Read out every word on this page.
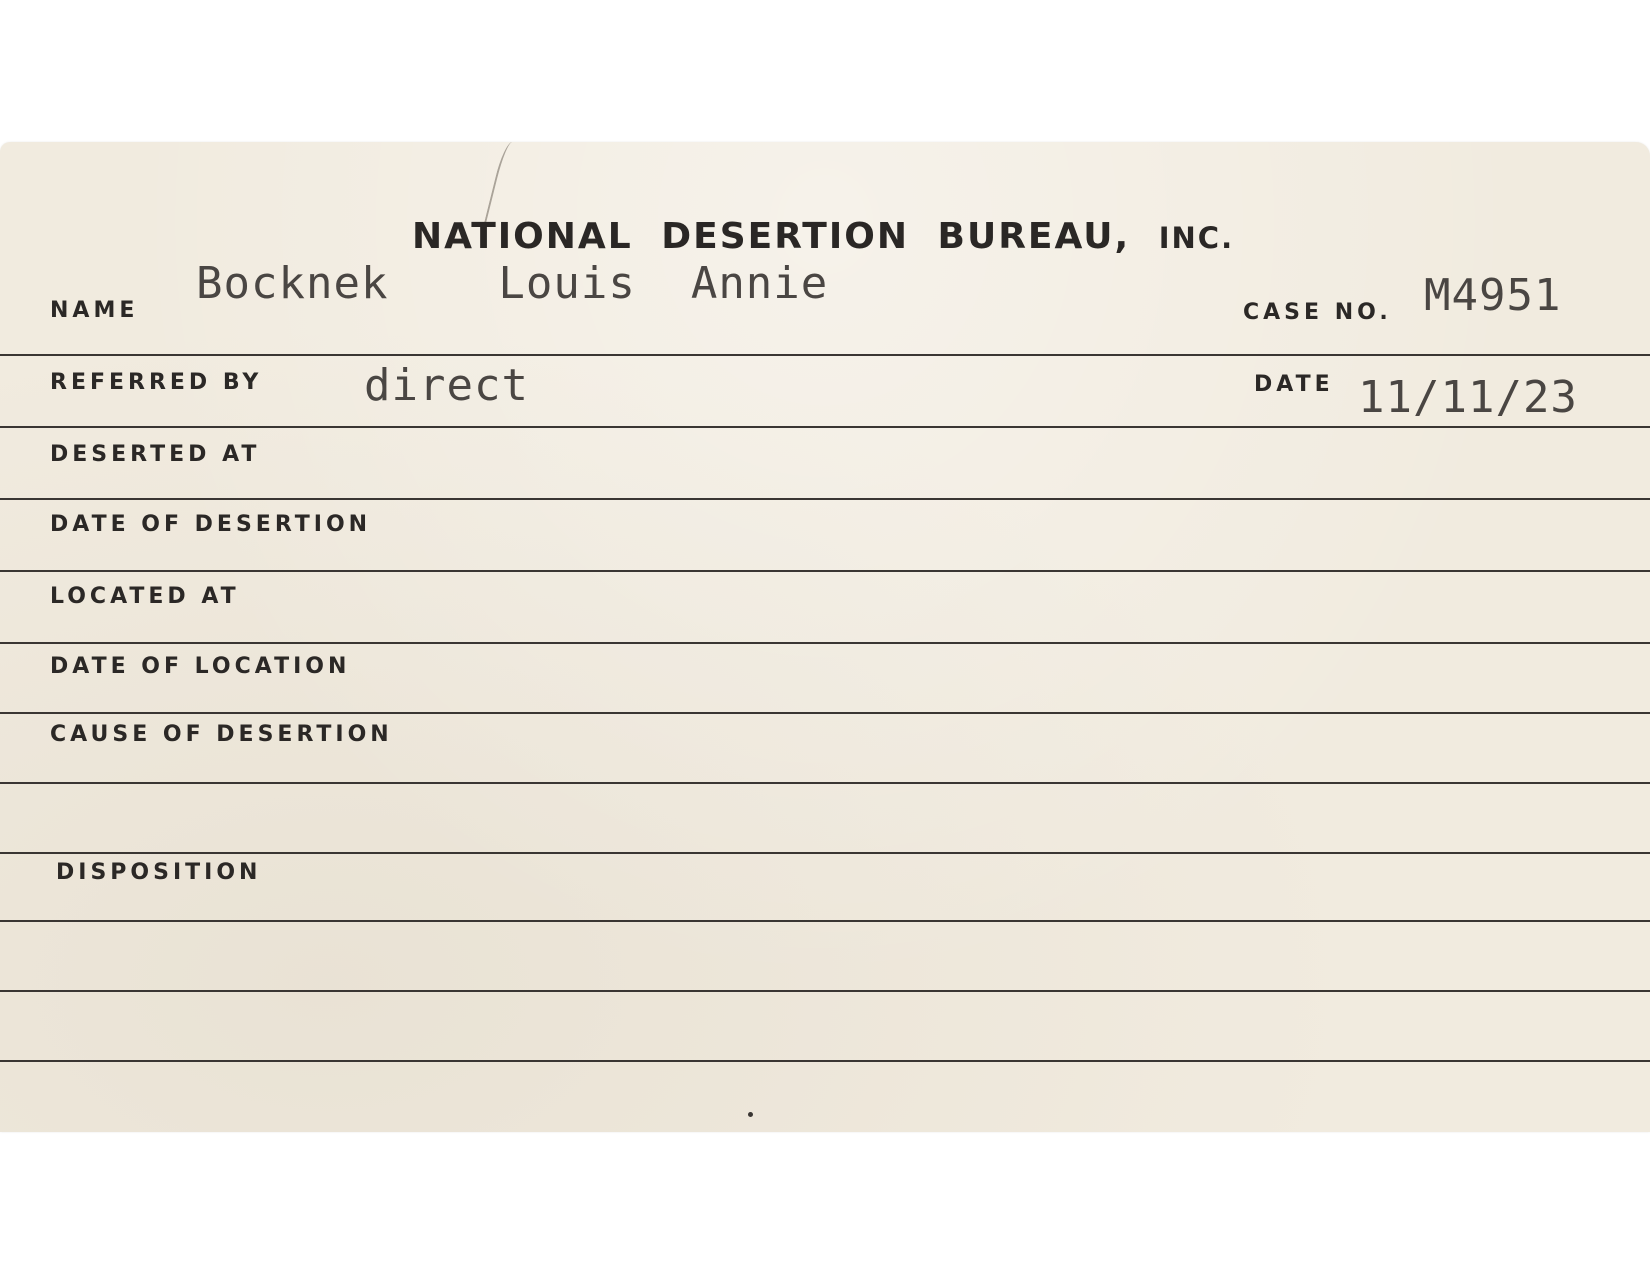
NATIONAL DESERTION BUREAU, INC.
NAME
Bocknek    Louis  Annie
CASE NO. M4951
REFERRED BY direct	DATE 11/11/23
DESERTED AT
DATE OF DESERTION
LOCATED AT
DATE OF LOCATION
CAUSE OF DESERTION
DISPOSITION
